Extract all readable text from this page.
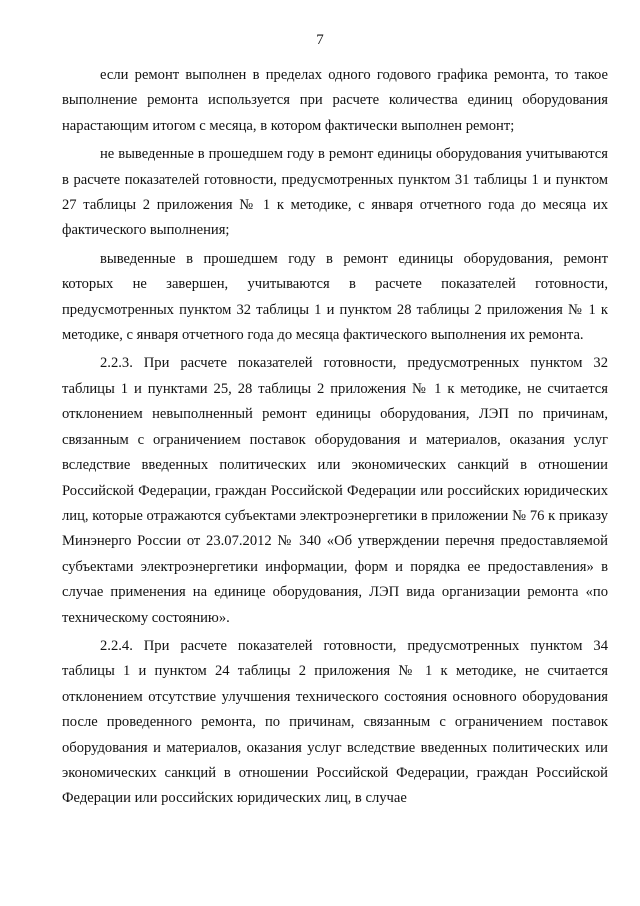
7

если ремонт выполнен в пределах одного годового графика ремонта, то такое выполнение ремонта используется при расчете количества единиц оборудования нарастающим итогом с месяца, в котором фактически выполнен ремонт;

не выведенные в прошедшем году в ремонт единицы оборудования учитываются в расчете показателей готовности, предусмотренных пунктом 31 таблицы 1 и пунктом 27 таблицы 2 приложения № 1 к методике, с января отчетного года до месяца их фактического выполнения;

выведенные в прошедшем году в ремонт единицы оборудования, ремонт которых не завершен, учитываются в расчете показателей готовности, предусмотренных пунктом 32 таблицы 1 и пунктом 28 таблицы 2 приложения № 1 к методике, с января отчетного года до месяца фактического выполнения их ремонта.

2.2.3. При расчете показателей готовности, предусмотренных пунктом 32 таблицы 1 и пунктами 25, 28 таблицы 2 приложения № 1 к методике, не считается отклонением невыполненный ремонт единицы оборудования, ЛЭП по причинам, связанным с ограничением поставок оборудования и материалов, оказания услуг вследствие введенных политических или экономических санкций в отношении Российской Федерации, граждан Российской Федерации или российских юридических лиц, которые отражаются субъектами электроэнергетики в приложении № 76 к приказу Минэнерго России от 23.07.2012 № 340 «Об утверждении перечня предоставляемой субъектами электроэнергетики информации, форм и порядка ее предоставления» в случае применения на единице оборудования, ЛЭП вида организации ремонта «по техническому состоянию».

2.2.4. При расчете показателей готовности, предусмотренных пунктом 34 таблицы 1 и пунктом 24 таблицы 2 приложения № 1 к методике, не считается отклонением отсутствие улучшения технического состояния основного оборудования после проведенного ремонта, по причинам, связанным с ограничением поставок оборудования и материалов, оказания услуг вследствие введенных политических или экономических санкций в отношении Российской Федерации, граждан Российской Федерации или российских юридических лиц, в случае
